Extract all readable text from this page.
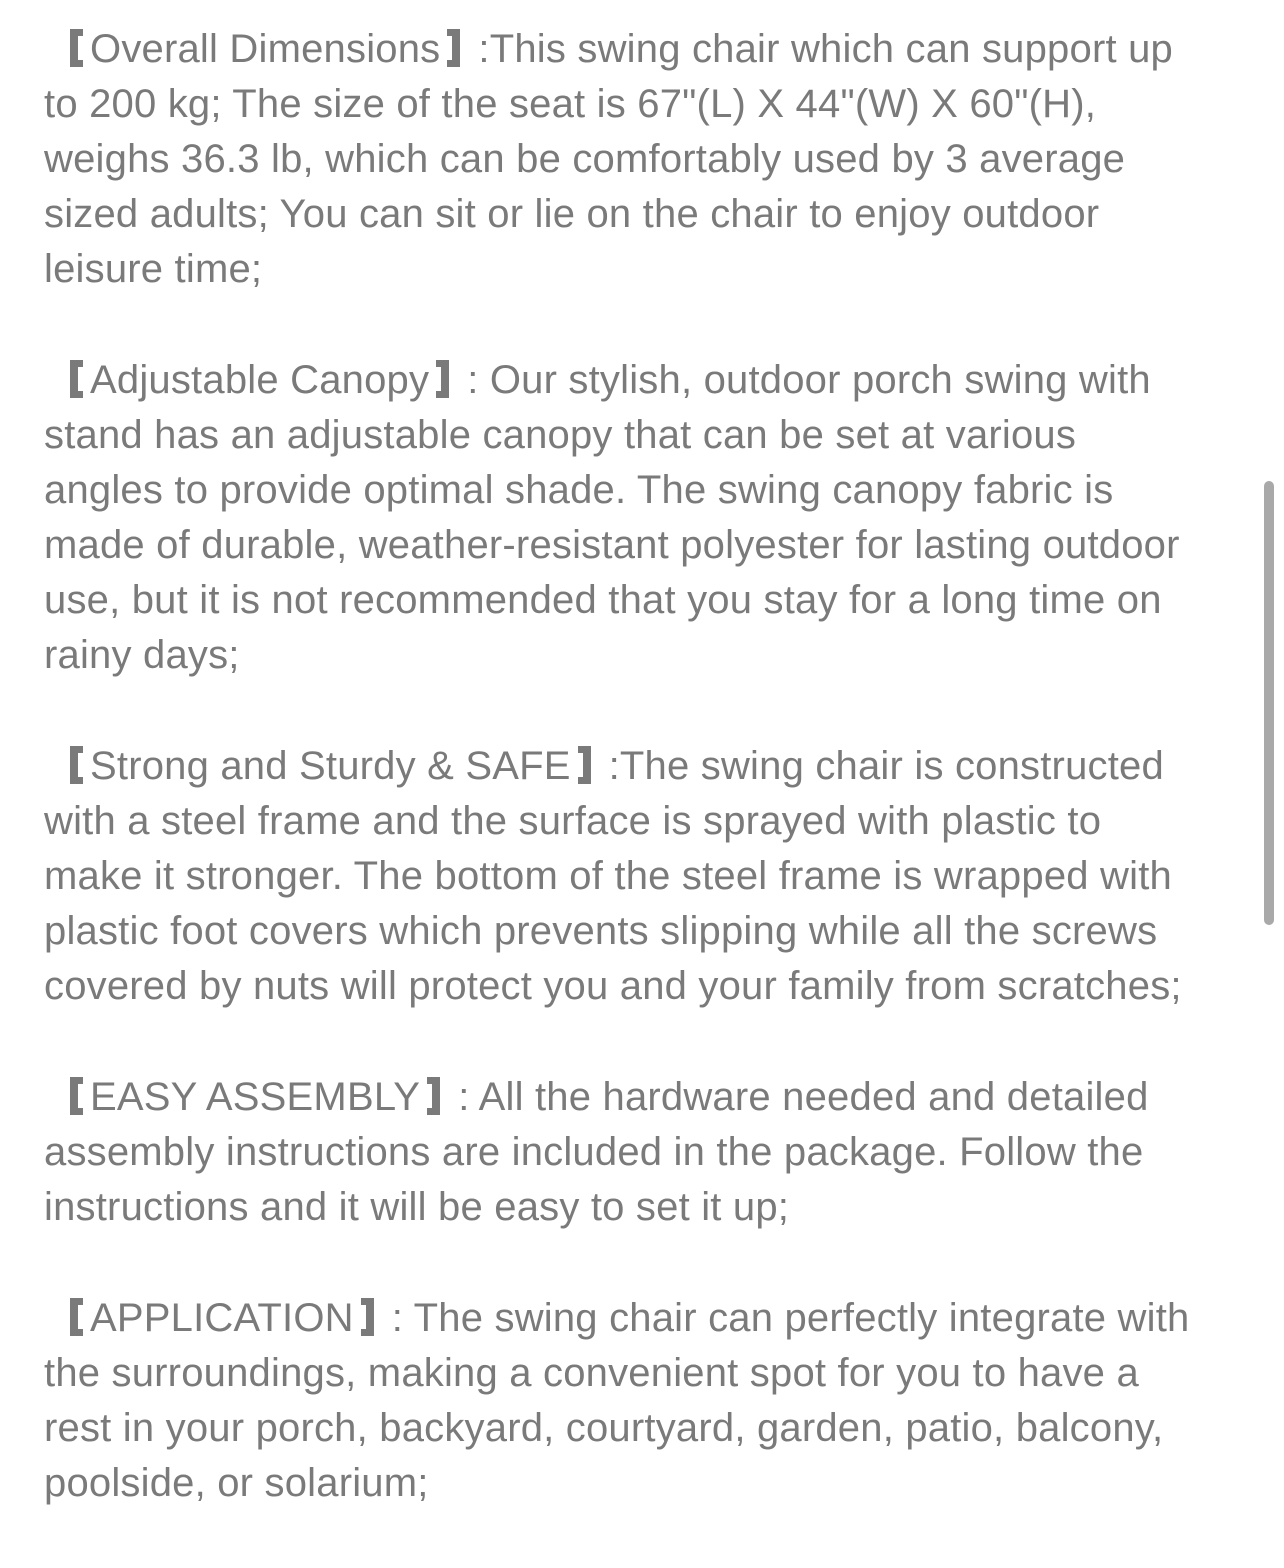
Overall Dimensions :This swing chair which can support up to 200 kg; The size of the seat is 67"(L) X 44"(W) X 60"(H), weighs 36.3 lb, which can be comfortably used by 3 average sized adults; You can sit or lie on the chair to enjoy outdoor leisure time;

Adjustable Canopy : Our stylish, outdoor porch swing with stand has an adjustable canopy that can be set at various angles to provide optimal shade. The swing canopy fabric is made of durable, weather-resistant polyester for lasting outdoor use, but it is not recommended that you stay for a long time on rainy days;

Strong and Sturdy & SAFE :The swing chair is constructed with a steel frame and the surface is sprayed with plastic to make it stronger. The bottom of the steel frame is wrapped with plastic foot covers which prevents slipping while all the screws covered by nuts will protect you and your family from scratches;

EASY ASSEMBLY : All the hardware needed and detailed assembly instructions are included in the package. Follow the instructions and it will be easy to set it up;

APPLICATION : The swing chair can perfectly integrate with the surroundings, making a convenient spot for you to have a rest in your porch, backyard, courtyard, garden, patio, balcony, poolside, or solarium;
